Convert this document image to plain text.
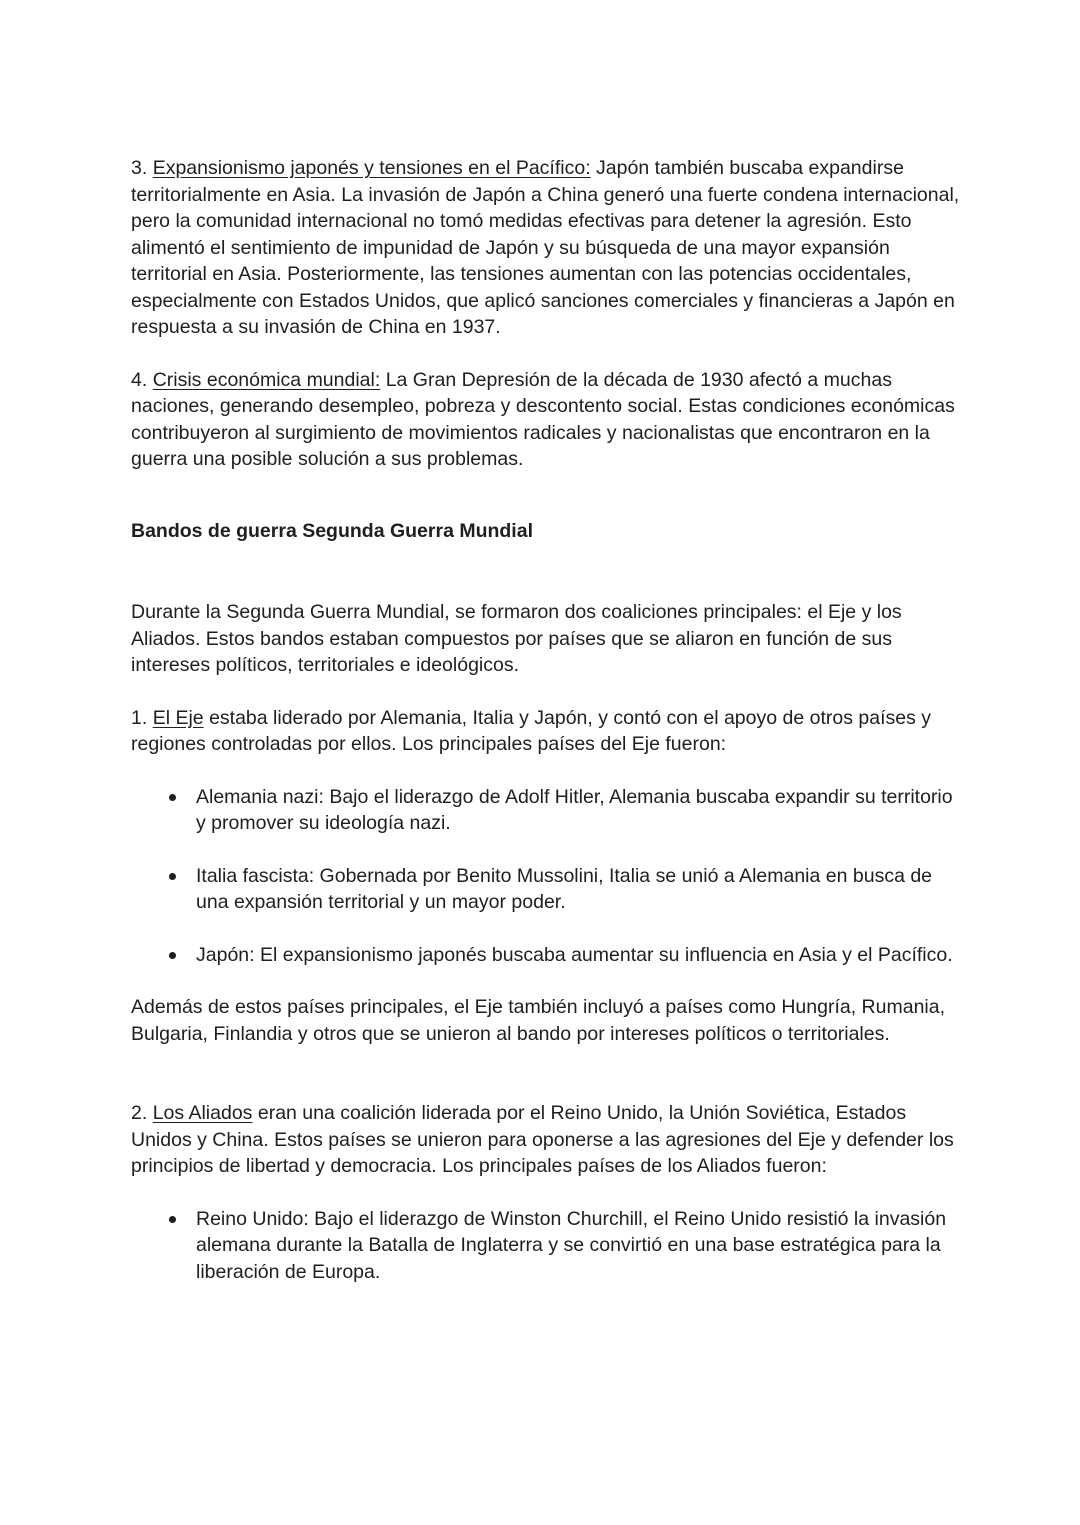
3. Expansionismo japonés y tensiones en el Pacífico: Japón también buscaba expandirse territorialmente en Asia. La invasión de Japón a China generó una fuerte condena internacional, pero la comunidad internacional no tomó medidas efectivas para detener la agresión. Esto alimentó el sentimiento de impunidad de Japón y su búsqueda de una mayor expansión territorial en Asia. Posteriormente, las tensiones aumentan con las potencias occidentales, especialmente con Estados Unidos, que aplicó sanciones comerciales y financieras a Japón en respuesta a su invasión de China en 1937.

4. Crisis económica mundial: La Gran Depresión de la década de 1930 afectó a muchas naciones, generando desempleo, pobreza y descontento social. Estas condiciones económicas contribuyeron al surgimiento de movimientos radicales y nacionalistas que encontraron en la guerra una posible solución a sus problemas.

Bandos de guerra Segunda Guerra Mundial

Durante la Segunda Guerra Mundial, se formaron dos coaliciones principales: el Eje y los Aliados. Estos bandos estaban compuestos por países que se aliaron en función de sus intereses políticos, territoriales e ideológicos.

1. El Eje estaba liderado por Alemania, Italia y Japón, y contó con el apoyo de otros países y regiones controladas por ellos. Los principales países del Eje fueron:

Alemania nazi: Bajo el liderazgo de Adolf Hitler, Alemania buscaba expandir su territorio y promover su ideología nazi.
Italia fascista: Gobernada por Benito Mussolini, Italia se unió a Alemania en busca de una expansión territorial y un mayor poder.
Japón: El expansionismo japonés buscaba aumentar su influencia en Asia y el Pacífico.

Además de estos países principales, el Eje también incluyó a países como Hungría, Rumania, Bulgaria, Finlandia y otros que se unieron al bando por intereses políticos o territoriales.

2. Los Aliados eran una coalición liderada por el Reino Unido, la Unión Soviética, Estados Unidos y China. Estos países se unieron para oponerse a las agresiones del Eje y defender los principios de libertad y democracia. Los principales países de los Aliados fueron:

Reino Unido: Bajo el liderazgo de Winston Churchill, el Reino Unido resistió la invasión alemana durante la Batalla de Inglaterra y se convirtió en una base estratégica para la liberación de Europa.
